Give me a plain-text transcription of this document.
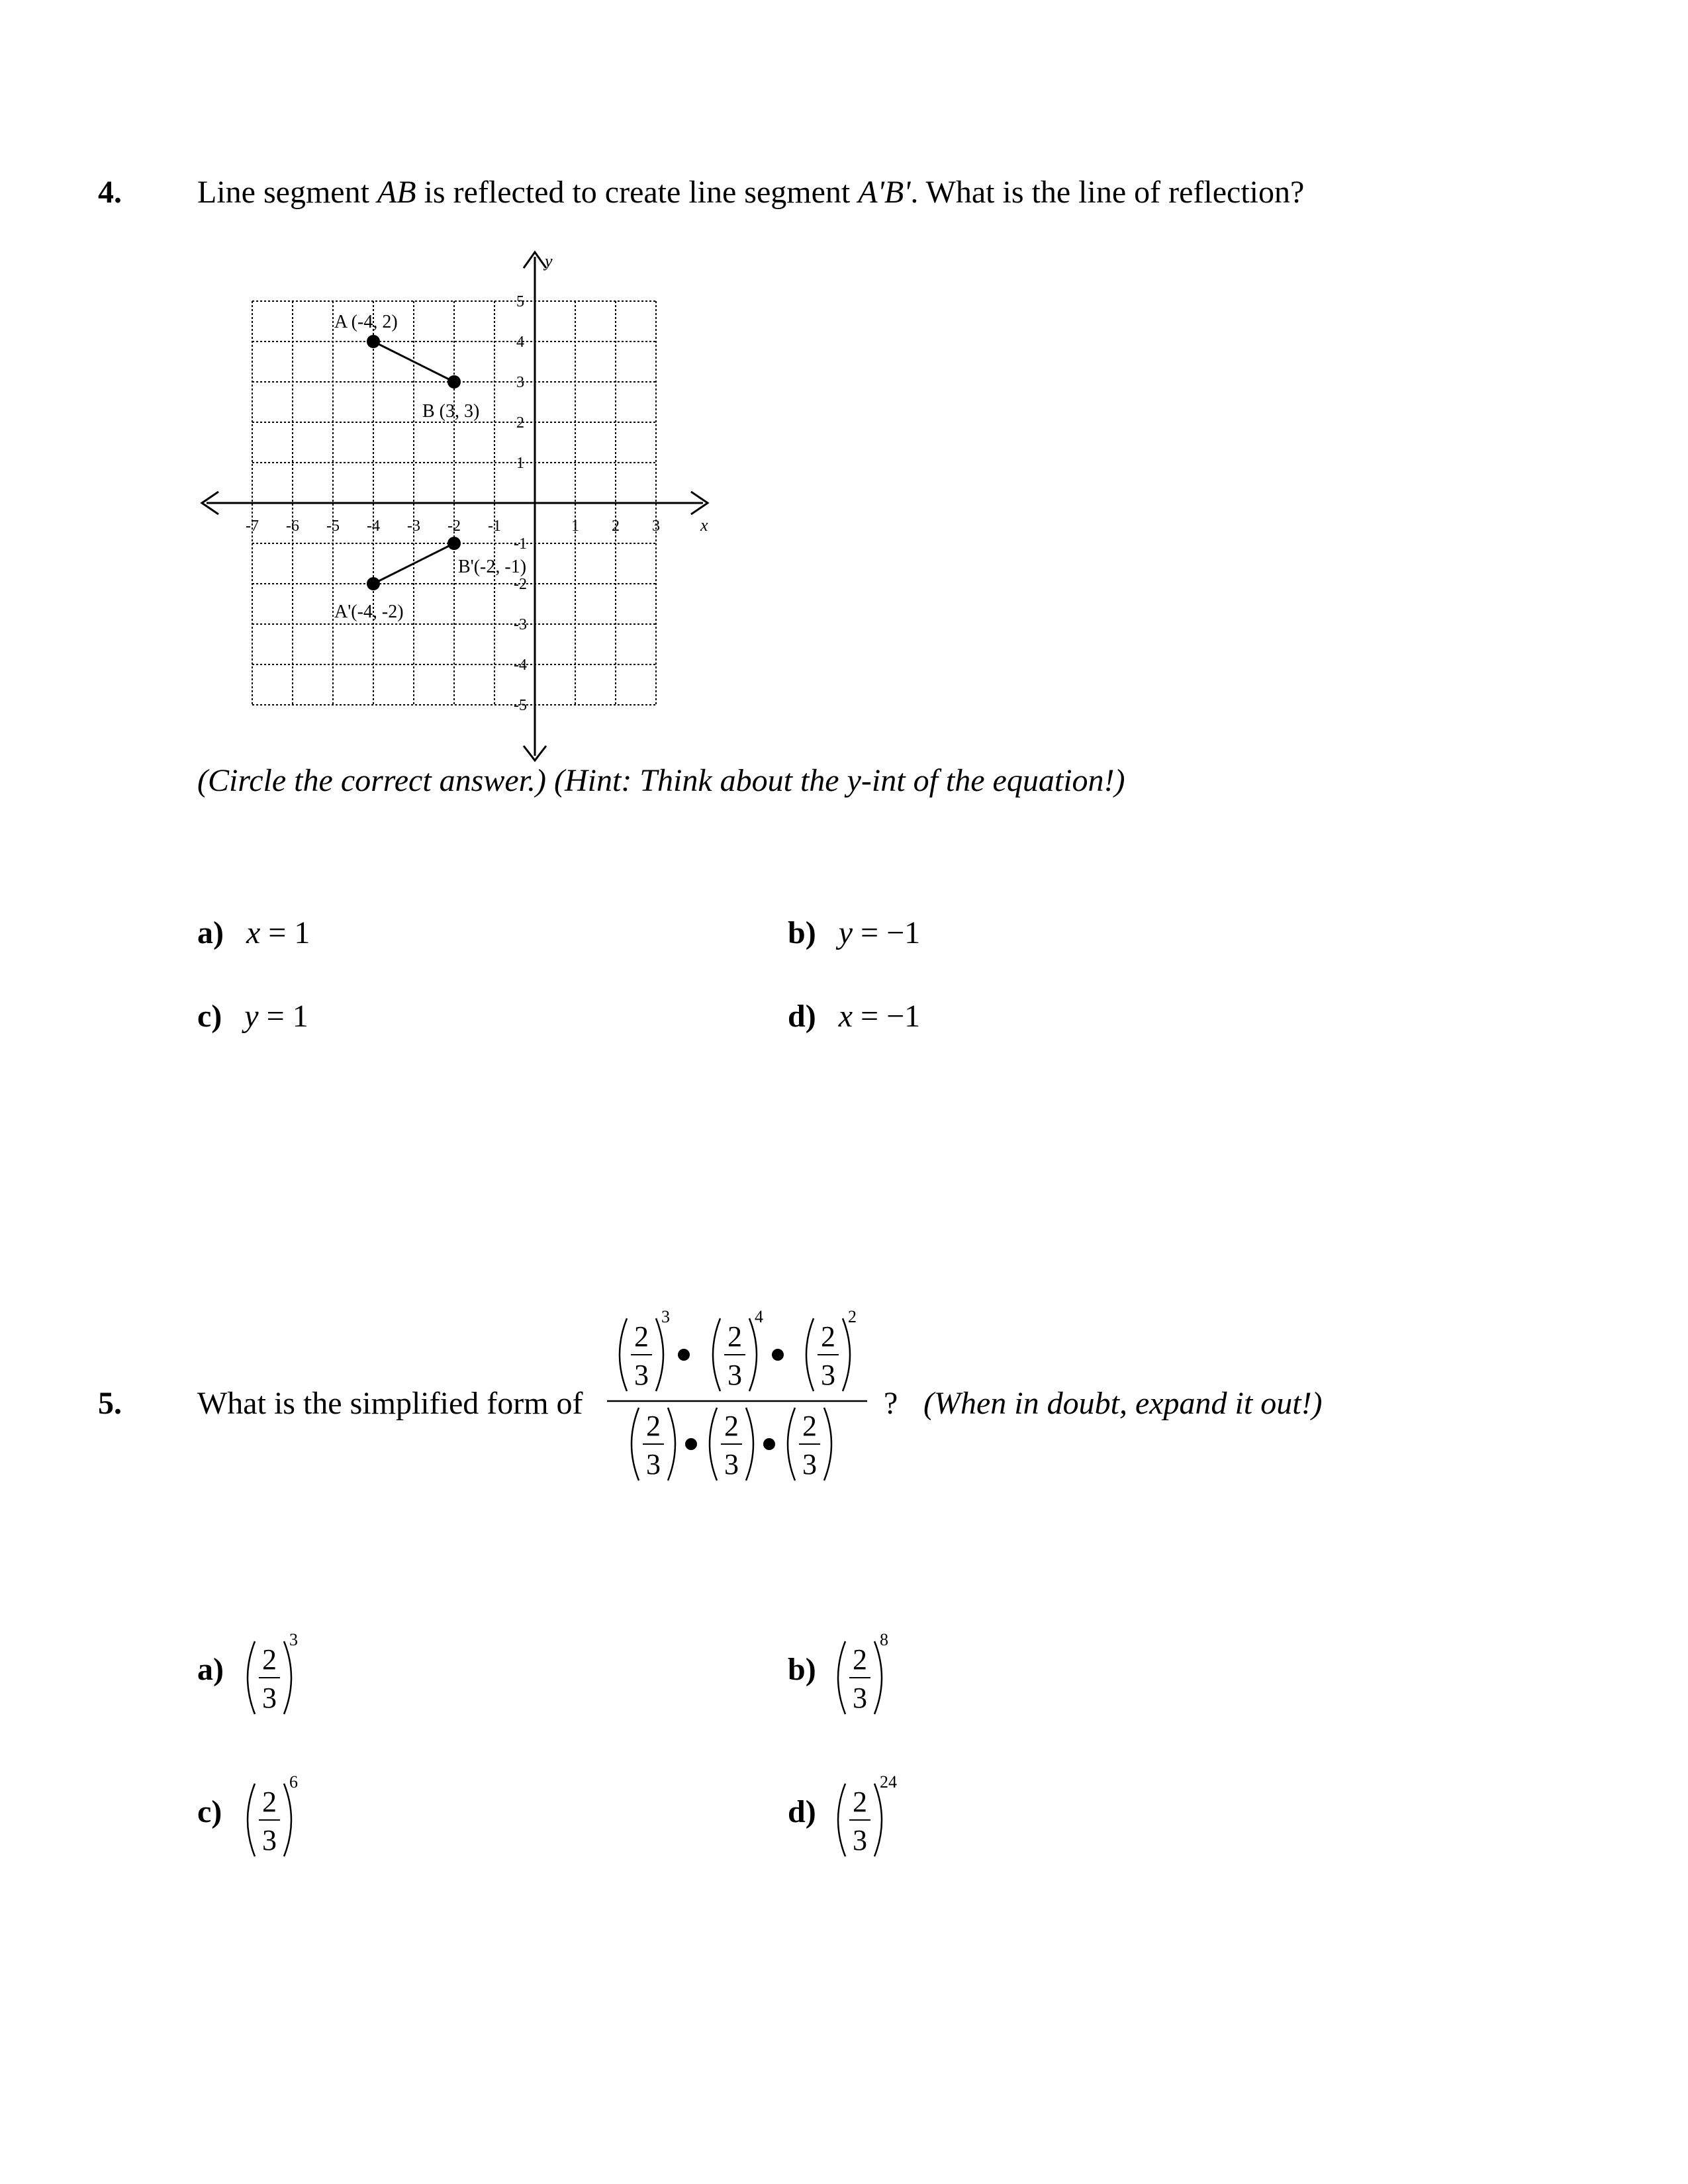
4. Line segment AB is reflected to create line segment A'B'. What is the line of reflection?
x
y
-7 -6 -5 -4 -3 -2 -1	1 2 3
5
4
3
2
1
-1
-2
-3
-4
-5
A (-4, 2)
B (3, 3)
B'(-2, -1)
A'(-4, -2)
(Circle the correct answer.) (Hint: Think about the y-int of the equation!)
a) x = 1	b) y = −1
c) y = 1	d) x = −1
5. What is the simplified form of
2
3
3
2
3
4
2
3
2
2
3
2
3
2
3
? (When in doubt, expand it out!)
a) 2
3
3
b) 2
3
8
c) 2
3
6
d) 2
3
24
